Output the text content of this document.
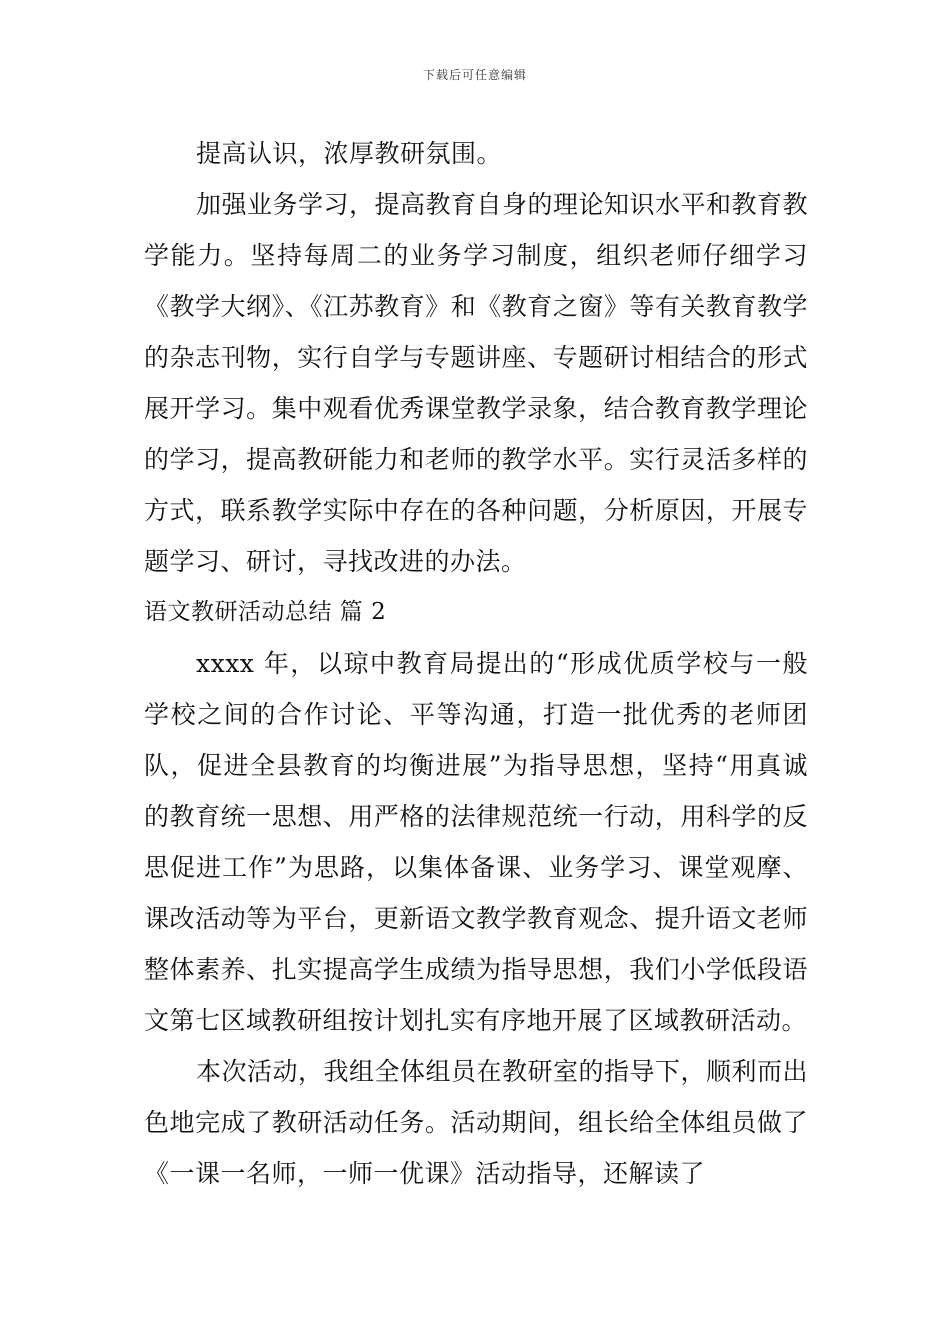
下载后可任意编辑

提高认识，浓厚教研氛围。

加强业务学习，提高教育自身的理论知识水平和教育教学能力。坚持每周二的业务学习制度，组织老师仔细学习《教学大纲》、《江苏教育》和《教育之窗》等有关教育教学的杂志刊物，实行自学与专题讲座、专题研讨相结合的形式展开学习。集中观看优秀课堂教学录象，结合教育教学理论的学习，提高教研能力和老师的教学水平。实行灵活多样的方式，联系教学实际中存在的各种问题，分析原因，开展专题学习、研讨，寻找改进的办法。

语文教研活动总结 篇 2

xxxx 年，以琼中教育局提出的“形成优质学校与一般学校之间的合作讨论、平等沟通，打造一批优秀的老师团队，促进全县教育的均衡进展”为指导思想，坚持“用真诚的教育统一思想、用严格的法律规范统一行动，用科学的反思促进工作”为思路，以集体备课、业务学习、课堂观摩、课改活动等为平台，更新语文教学教育观念、提升语文老师整体素养、扎实提高学生成绩为指导思想，我们小学低段语文第七区域教研组按计划扎实有序地开展了区域教研活动。

本次活动，我组全体组员在教研室的指导下，顺利而出色地完成了教研活动任务。活动期间，组长给全体组员做了《一课一名师，一师一优课》活动指导，还解读了
